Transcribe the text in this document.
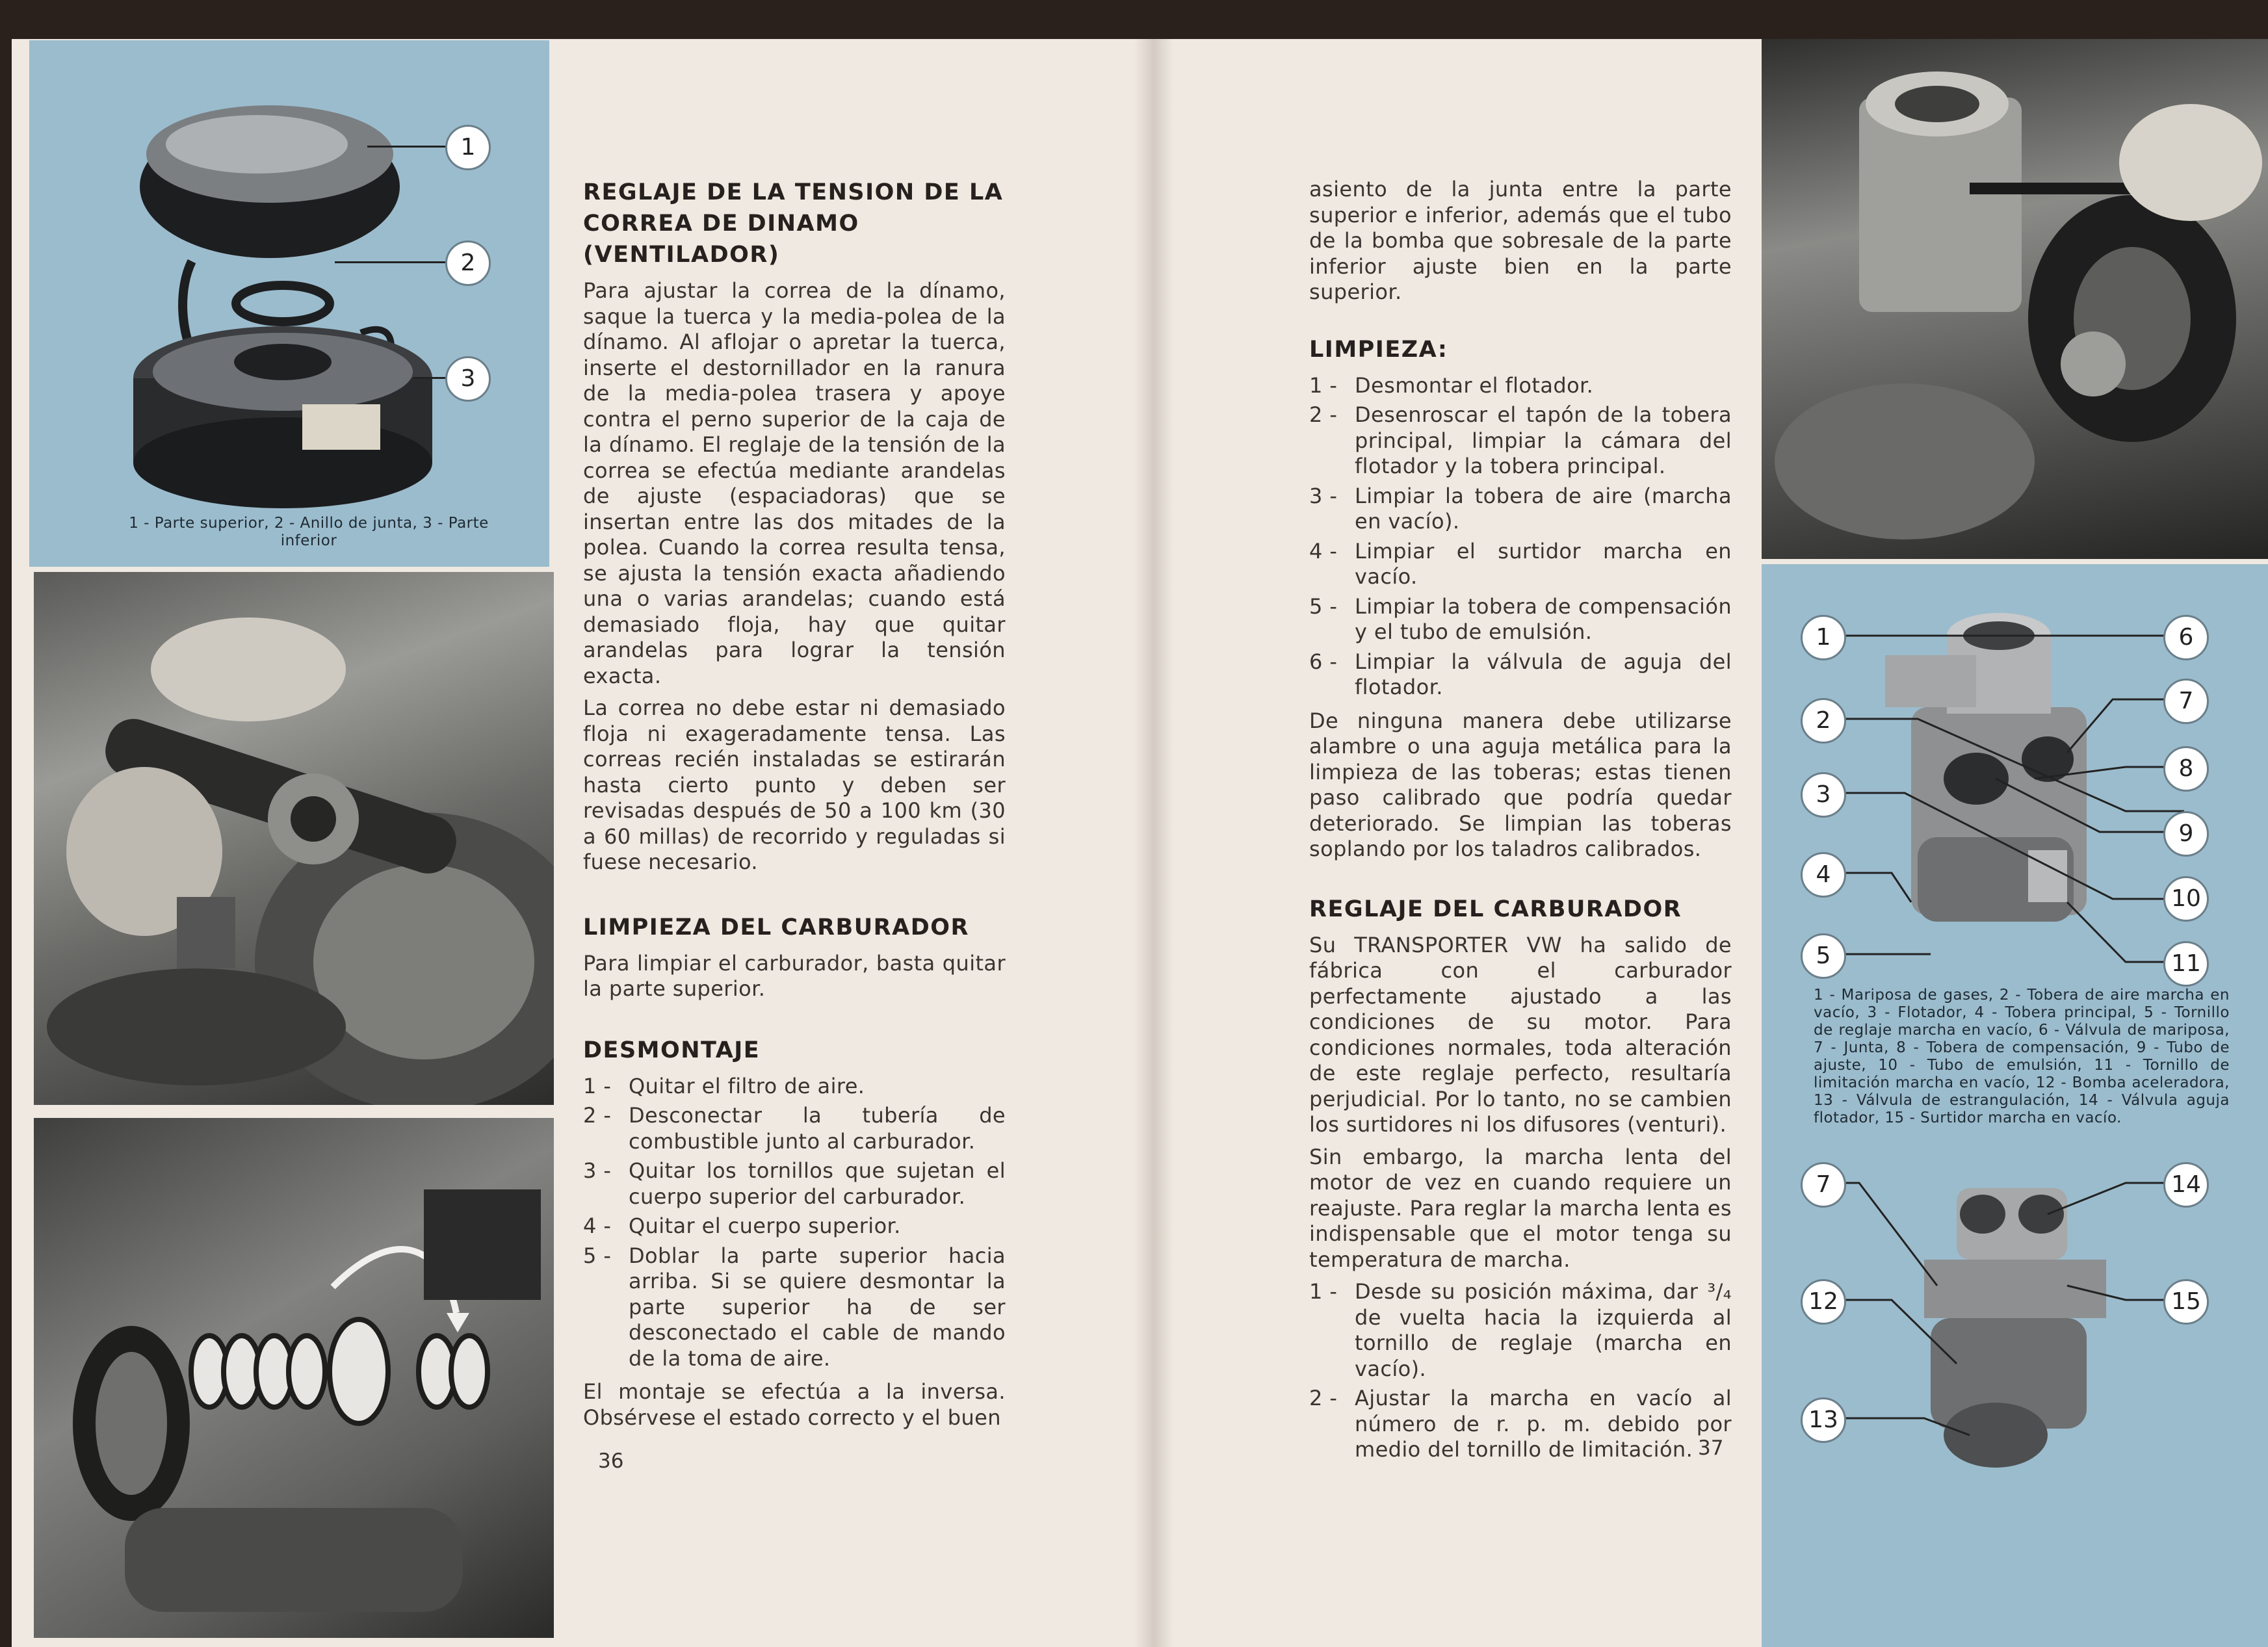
1
2
3
1 - Parte superior, 2 - Anillo de junta, 3 - Parte inferior
REGLAJE DE LA TENSION DE LA CORREA DE DINAMO (VENTILADOR)

Para ajustar la correa de la dínamo, saque la tuerca y la media-polea de la dínamo. Al aflojar o apretar la tuerca, inserte el destornillador en la ranura de la media-polea trasera y apoye contra el perno superior de la caja de la dínamo. El reglaje de la tensión de la correa se efectúa mediante arandelas de ajuste (espaciadoras) que se insertan entre las dos mitades de la polea. Cuando la correa resulta tensa, se ajusta la tensión exacta añadiendo una o varias arandelas; cuando está demasiado floja, hay que quitar arandelas para lograr la tensión exacta.

La correa no debe estar ni demasiado floja ni exageradamente tensa. Las correas recién instaladas se estirarán hasta cierto punto y deben ser revisadas después de 50 a 100 km (30 a 60 millas) de recorrido y reguladas si fuese necesario.

LIMPIEZA DEL CARBURADOR

Para limpiar el carburador, basta quitar la parte superior.

DESMONTAJE
1 - Quitar el filtro de aire.
2 - Desconectar la tubería de combustible junto al carburador.
3 - Quitar los tornillos que sujetan el cuerpo superior del carburador.
4 - Quitar el cuerpo superior.
5 - Doblar la parte superior hacia arriba. Si se quiere desmontar la parte superior ha de ser desconectado el cable de mando de la toma de aire.

El montaje se efectúa a la inversa. Obsérvese el estado correcto y el buen

36

asiento de la junta entre la parte superior e inferior, además que el tubo de la bomba que sobresale de la parte inferior ajuste bien en la parte superior.

LIMPIEZA:
1 - Desmontar el flotador.
2 - Desenroscar el tapón de la tobera principal, limpiar la cámara del flotador y la tobera principal.
3 - Limpiar la tobera de aire (marcha en vacío).
4 - Limpiar el surtidor marcha en vacío.
5 - Limpiar la tobera de compensación y el tubo de emulsión.
6 - Limpiar la válvula de aguja del flotador.

De ninguna manera debe utilizarse alambre o una aguja metálica para la limpieza de las toberas; estas tienen paso calibrado que podría quedar deteriorado. Se limpian las toberas soplando por los taladros calibrados.

REGLAJE DEL CARBURADOR

Su TRANSPORTER VW ha salido de fábrica con el carburador perfectamente ajustado a las condiciones de su motor. Para condiciones normales, toda alteración de este reglaje perfecto, resultaría perjudicial. Por lo tanto, no se cambien los surtidores ni los difusores (venturi).

Sin embargo, la marcha lenta del motor de vez en cuando requiere un reajuste. Para reglar la marcha lenta es indispensable que el motor tenga su temperatura de marcha.

1 - Desde su posición máxima, dar ³/₄ de vuelta hacia la izquierda al tornillo de reglaje (marcha en vacío).
2 - Ajustar la marcha en vacío al número de r. p. m. debido por medio del tornillo de limitación. 37
1
2
3
4
5
6
7
8
9
10
11
1 - Mariposa de gases, 2 - Tobera de aire marcha en vacío, 3 - Flotador, 4 - Tobera principal, 5 - Tornillo de reglaje marcha en vacío, 6 - Válvula de mariposa, 7 - Junta, 8 - Tobera de compensación, 9 - Tubo de ajuste, 10 - Tubo de emulsión, 11 - Tornillo de limitación marcha en vacío, 12 - Bomba aceleradora, 13 - Válvula de estrangulación, 14 - Válvula aguja flotador, 15 - Surtidor marcha en vacío.
7
12
13
14
15
